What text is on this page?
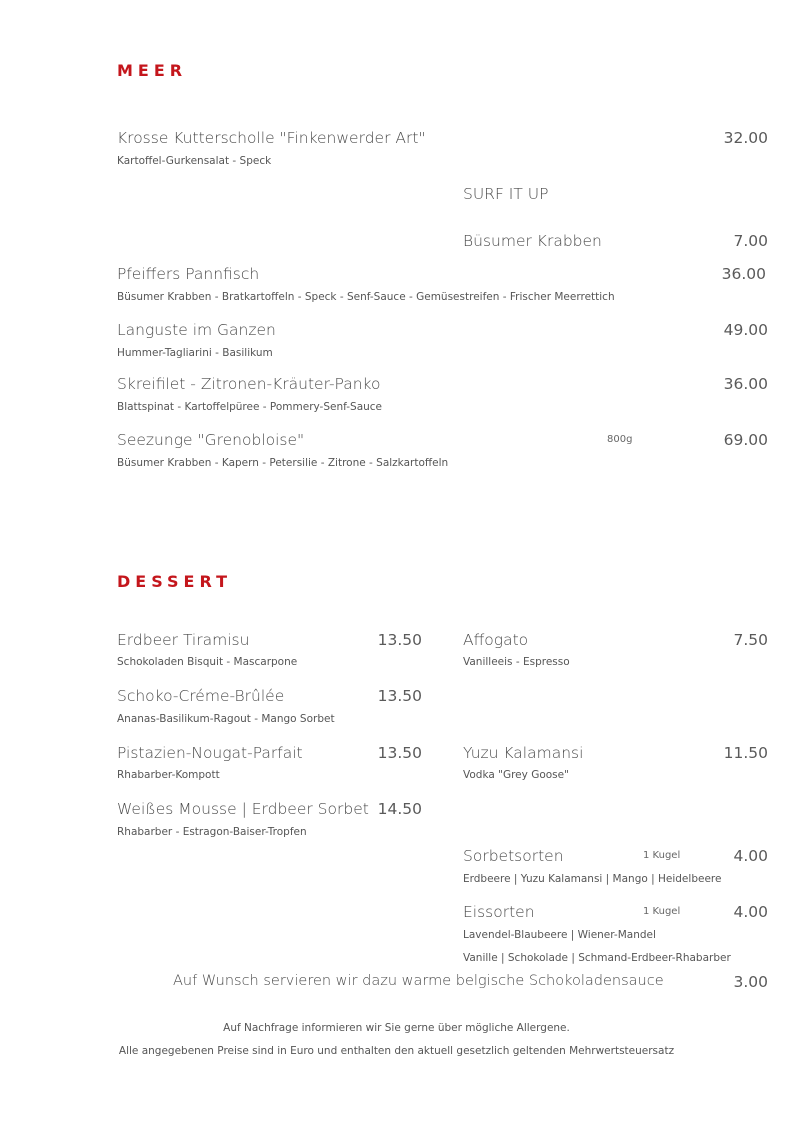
MEER
Krosse Kutterscholle "Finkenwerder Art"
Kartoffel-Gurkensalat - Speck
32.00
SURF IT UP
Büsumer Krabben	7.00
Pfeiffers Pannfisch
Büsumer Krabben - Bratkartoffeln - Speck - Senf-Sauce - Gemüsestreifen - Frischer Meerrettich
36.00
Languste im Ganzen
Hummer-Tagliarini - Basilikum
49.00
Skreifilet - Zitronen-Kräuter-Panko
Blattspinat - Kartoffelpüree - Pommery-Senf-Sauce
36.00
Seezunge "Grenobloise"	800g
Büsumer Krabben - Kapern - Petersilie - Zitrone - Salzkartoffeln
69.00
DESSERT
Erdbeer Tiramisu
Schokoladen Bisquit - Mascarpone
13.50
Schoko-Créme-Brûlée
Ananas-Basilikum-Ragout - Mango Sorbet
13.50
Pistazien-Nougat-Parfait
Rhabarber-Kompott
13.50
Weißes Mousse | Erdbeer Sorbet
Rhabarber - Estragon-Baiser-Tropfen
14.50
Affogato
Vanilleeis - Espresso
7.50
Yuzu Kalamansi
Vodka "Grey Goose"
11.50
Sorbetsorten	1 Kugel	4.00
Erdbeere | Yuzu Kalamansi | Mango | Heidelbeere
Eissorten	1 Kugel	4.00
Lavendel-Blaubeere | Wiener-Mandel
Vanille | Schokolade | Schmand-Erdbeer-Rhabarber
Auf Wunsch servieren wir dazu warme belgische Schokoladensauce	3.00
Auf Nachfrage informieren wir Sie gerne über mögliche Allergene.
Alle angegebenen Preise sind in Euro und enthalten den aktuell gesetzlich geltenden Mehrwertsteuersatz
